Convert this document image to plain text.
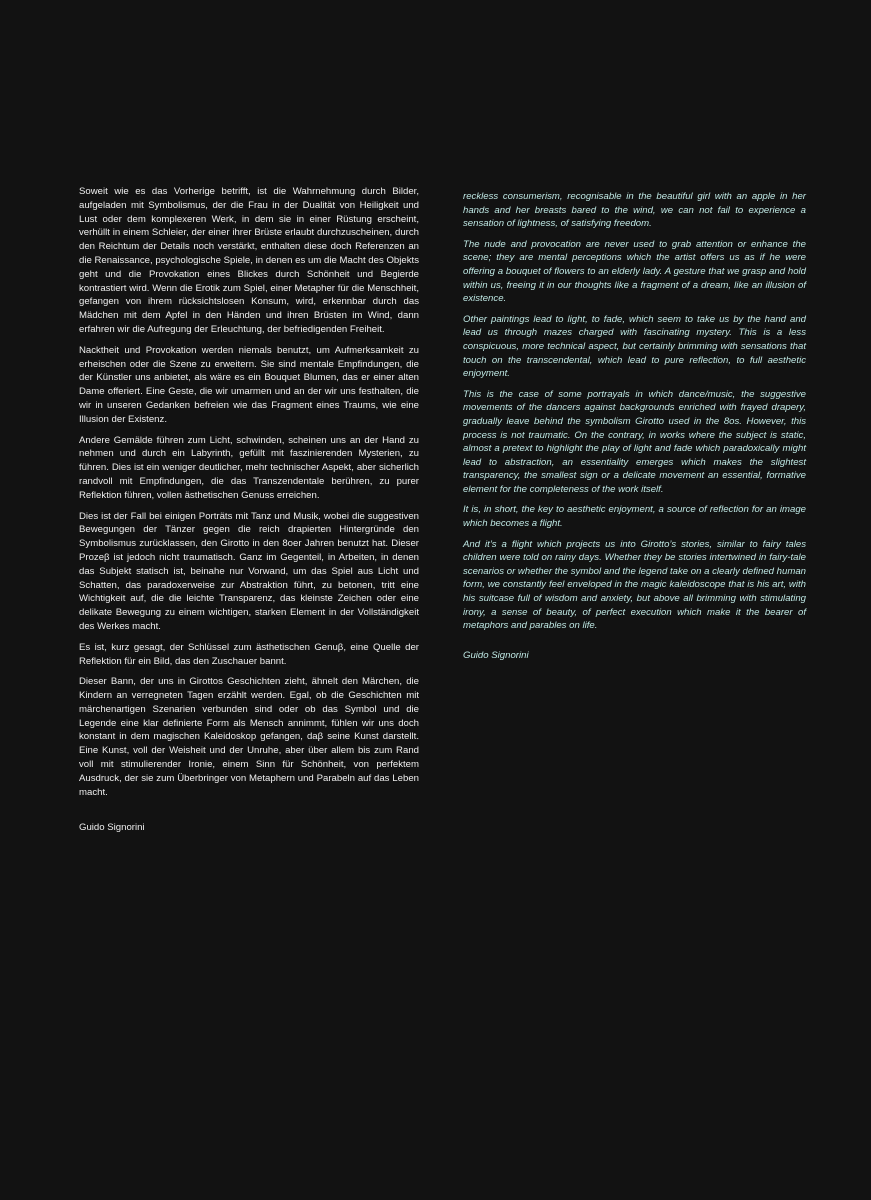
Soweit wie es das Vorherige betrifft, ist die Wahrnehmung durch Bilder, aufgeladen mit Symbolismus, der die Frau in der Dualität von Heiligkeit und Lust oder dem komplexeren Werk, in dem sie in einer Rüstung erscheint, verhüllt in einem Schleier, der einer ihrer Brüste erlaubt durchzuscheinen, durch den Reichtum der Details noch verstärkt, enthalten diese doch Referenzen an die Renaissance, psychologische Spiele, in denen es um die Macht des Objekts geht und die Provokation eines Blickes durch Schönheit und Begierde kontrastiert wird. Wenn die Erotik zum Spiel, einer Metapher für die Menschheit, gefangen von ihrem rücksichtslosen Konsum, wird, erkennbar durch das Mädchen mit dem Apfel in den Händen und ihren Brüsten im Wind, dann erfahren wir die Aufregung der Erleuchtung, der befriedigenden Freiheit.

Nacktheit und Provokation werden niemals benutzt, um Aufmerksamkeit zu erheischen oder die Szene zu erweitern. Sie sind mentale Empfindungen, die der Künstler uns anbietet, als wäre es ein Bouquet Blumen, das er einer alten Dame offeriert. Eine Geste, die wir umarmen und an der wir uns festhalten, die wir in unseren Gedanken befreien wie das Fragment eines Traums, wie eine Illusion der Existenz.

Andere Gemälde führen zum Licht, schwinden, scheinen uns an der Hand zu nehmen und durch ein Labyrinth, gefüllt mit faszinierenden Mysterien, zu führen. Dies ist ein weniger deutlicher, mehr technischer Aspekt, aber sicherlich randvoll mit Empfindungen, die das Transzendentale berühren, zu purer Reflektion führen, vollen ästhetischen Genuss erreichen.

Dies ist der Fall bei einigen Porträts mit Tanz und Musik, wobei die suggestiven Bewegungen der Tänzer gegen die reich drapierten Hintergründe den Symbolismus zurücklassen, den Girotto in den 8oer Jahren benutzt hat. Dieser Prozeβ ist jedoch nicht traumatisch. Ganz im Gegenteil, in Arbeiten, in denen das Subjekt statisch ist, beinahe nur Vorwand, um das Spiel aus Licht und Schatten, das paradoxerweise zur Abstraktion führt, zu betonen, tritt eine Wichtigkeit auf, die die leichte Transparenz, das kleinste Zeichen oder eine delikate Bewegung zu einem wichtigen, starken Element in der Vollständigkeit des Werkes macht.

Es ist, kurz gesagt, der Schlüssel zum ästhetischen Genuβ, eine Quelle der Reflektion für ein Bild, das den Zuschauer bannt.

Dieser Bann, der uns in Girottos Geschichten zieht, ähnelt den Märchen, die Kindern an verregneten Tagen erzählt werden. Egal, ob die Geschichten mit märchenartigen Szenarien verbunden sind oder ob das Symbol und die Legende eine klar definierte Form als Mensch annimmt, fühlen wir uns doch konstant in dem magischen Kaleidoskop gefangen, daβ seine Kunst darstellt. Eine Kunst, voll der Weisheit und der Unruhe, aber über allem bis zum Rand voll mit stimulierender Ironie, einem Sinn für Schönheit, von perfektem Ausdruck, der sie zum Überbringer von Metaphern und Parabeln auf das Leben macht.

Guido Signorini

reckless consumerism, recognisable in the beautiful girl with an apple in her hands and her breasts bared to the wind, we can not fail to experience a sensation of lightness, of satisfying freedom.

The nude and provocation are never used to grab attention or enhance the scene; they are mental perceptions which the artist offers us as if he were offering a bouquet of flowers to an elderly lady. A gesture that we grasp and hold within us, freeing it in our thoughts like a fragment of a dream, like an illusion of existence.

Other paintings lead to light, to fade, which seem to take us by the hand and lead us through mazes charged with fascinating mystery. This is a less conspicuous, more technical aspect, but certainly brimming with sensations that touch on the transcendental, which lead to pure reflection, to full aesthetic enjoyment.

This is the case of some portrayals in which dance/music, the suggestive movements of the dancers against backgrounds enriched with frayed drapery, gradually leave behind the symbolism Girotto used in the 8os. However, this process is not traumatic. On the contrary, in works where the subject is static, almost a pretext to highlight the play of light and fade which paradoxically might lead to abstraction, an essentiality emerges which makes the slightest transparency, the smallest sign or a delicate movement an essential, formative element for the completeness of the work itself.

It is, in short, the key to aesthetic enjoyment, a source of reflection for an image which becomes a flight.

And it’s a flight which projects us into Girotto’s stories, similar to fairy tales children were told on rainy days. Whether they be stories intertwined in fairy-tale scenarios or whether the symbol and the legend take on a clearly defined human form, we constantly feel enveloped in the magic kaleidoscope that is his art, with his suitcase full of wisdom and anxiety, but above all brimming with stimulating irony, a sense of beauty, of perfect execution which make it the bearer of metaphors and parables on life.

Guido Signorini
